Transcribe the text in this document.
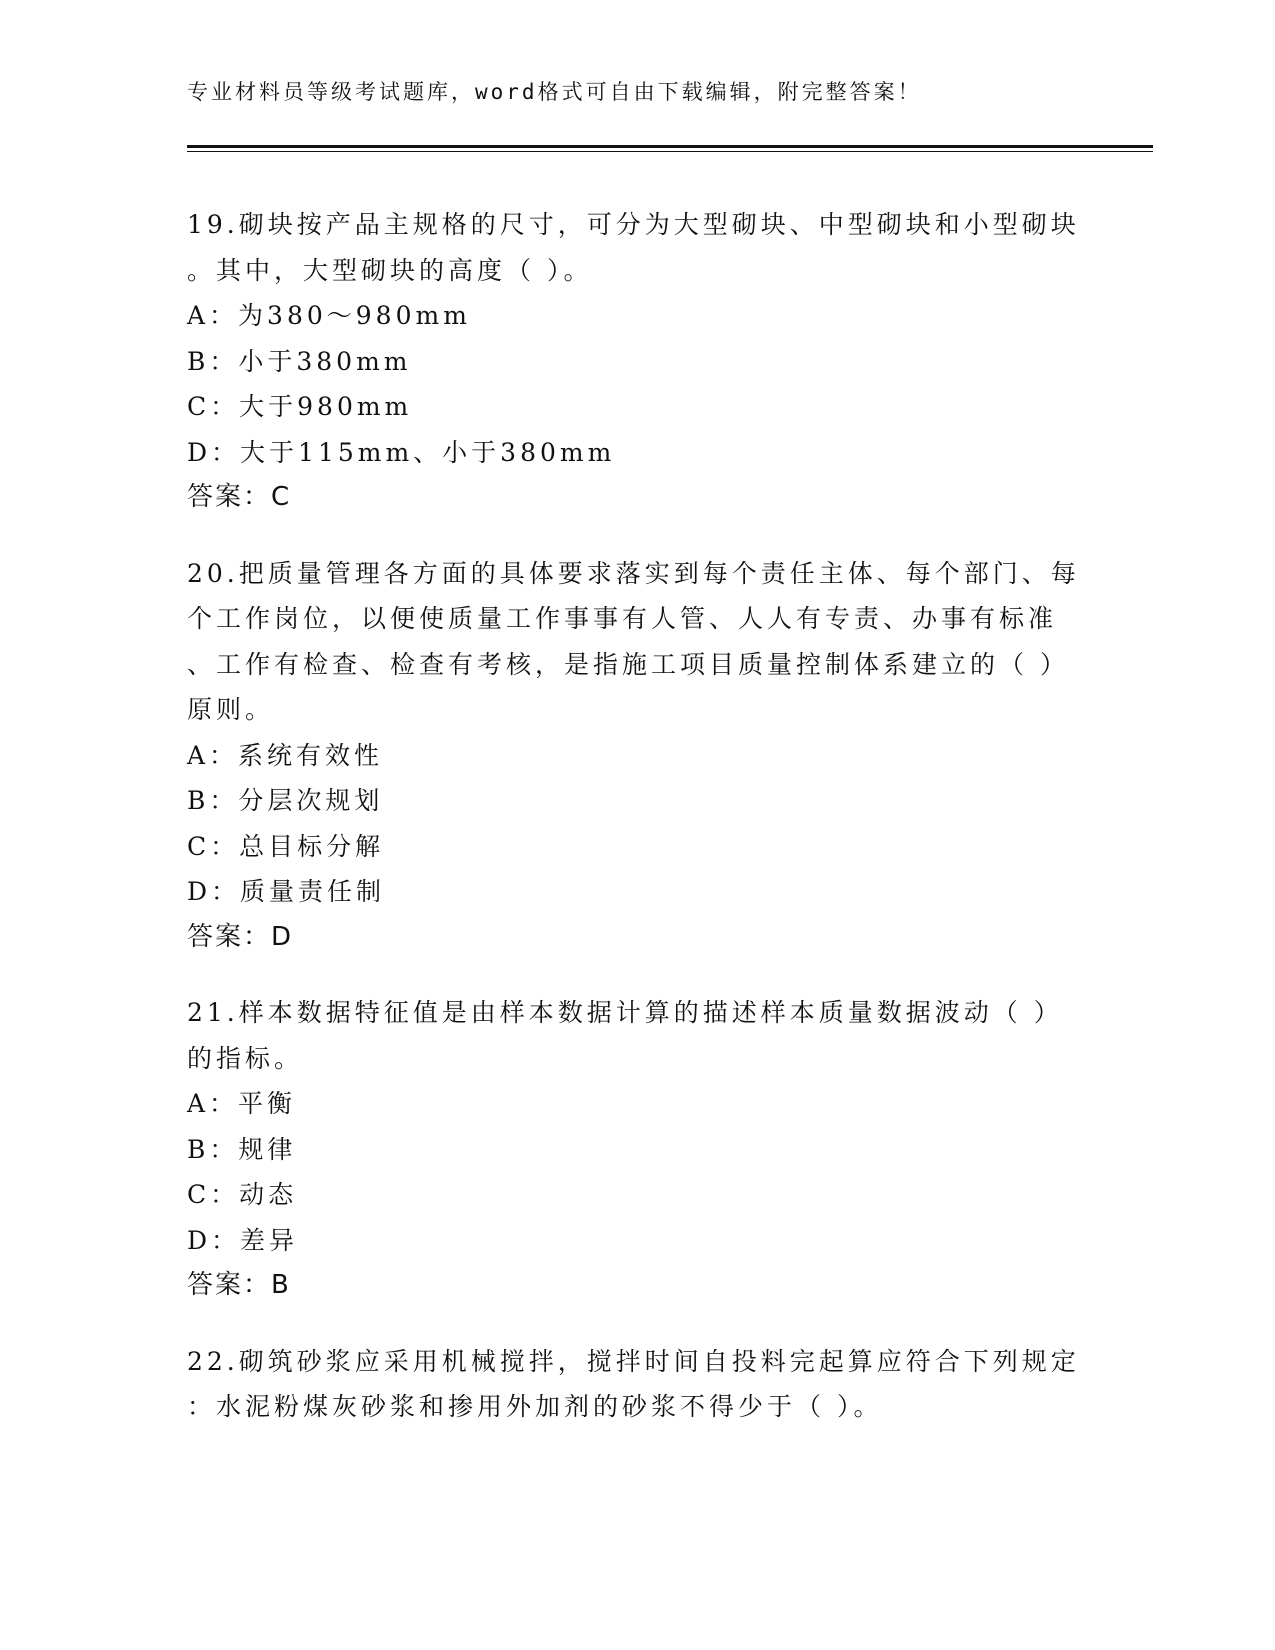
专业材料员等级考试题库，word格式可自由下载编辑，附完整答案！
19.砌块按产品主规格的尺寸，可分为大型砌块、中型砌块和小型砌块
。其中，大型砌块的高度（ ）。
A：为380～980mm
B：小于380mm
C：大于980mm
D：大于115mm、小于380mm
答案：C
20.把质量管理各方面的具体要求落实到每个责任主体、每个部门、每
个工作岗位，以便使质量工作事事有人管、人人有专责、办事有标准
、工作有检查、检查有考核，是指施工项目质量控制体系建立的（ ）
原则。
A：系统有效性
B：分层次规划
C：总目标分解
D：质量责任制
答案：D
21.样本数据特征值是由样本数据计算的描述样本质量数据波动（ ）
的指标。
A：平衡
B：规律
C：动态
D：差异
答案：B
22.砌筑砂浆应采用机械搅拌，搅拌时间自投料完起算应符合下列规定
：水泥粉煤灰砂浆和掺用外加剂的砂浆不得少于（ ）。
